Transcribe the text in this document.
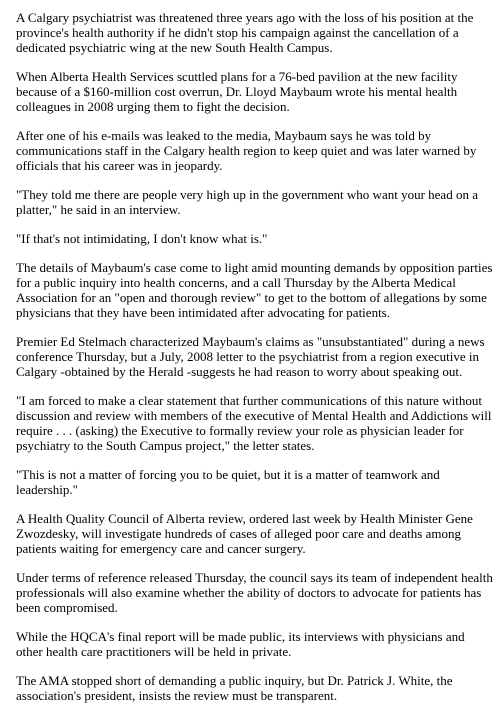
A Calgary psychiatrist was threatened three years ago with the loss of his position at the province's health authority if he didn't stop his campaign against the cancellation of a dedicated psychiatric wing at the new South Health Campus.

When Alberta Health Services scuttled plans for a 76-bed pavilion at the new facility because of a $160-million cost overrun, Dr. Lloyd Maybaum wrote his mental health colleagues in 2008 urging them to fight the decision.

After one of his e-mails was leaked to the media, Maybaum says he was told by communications staff in the Calgary health region to keep quiet and was later warned by officials that his career was in jeopardy.

"They told me there are people very high up in the government who want your head on a platter," he said in an interview.

"If that's not intimidating, I don't know what is."

The details of Maybaum's case come to light amid mounting demands by opposition parties for a public inquiry into health concerns, and a call Thursday by the Alberta Medical Association for an "open and thorough review" to get to the bottom of allegations by some physicians that they have been intimidated after advocating for patients.

Premier Ed Stelmach characterized Maybaum's claims as "unsubstantiated" during a news conference Thursday, but a July, 2008 letter to the psychiatrist from a region executive in Calgary -obtained by the Herald -suggests he had reason to worry about speaking out.

"I am forced to make a clear statement that further communications of this nature without discussion and review with members of the executive of Mental Health and Addictions will require . . . (asking) the Executive to formally review your role as physician leader for psychiatry to the South Campus project," the letter states.

"This is not a matter of forcing you to be quiet, but it is a matter of teamwork and leadership."

A Health Quality Council of Alberta review, ordered last week by Health Minister Gene Zwozdesky, will investigate hundreds of cases of alleged poor care and deaths among patients waiting for emergency care and cancer surgery.

Under terms of reference released Thursday, the council says its team of independent health professionals will also examine whether the ability of doctors to advocate for patients has been compromised.

While the HQCA's final report will be made public, its interviews with physicians and other health care practitioners will be held in private.

The AMA stopped short of demanding a public inquiry, but Dr. Patrick J. White, the association's president, insists the review must be transparent.
